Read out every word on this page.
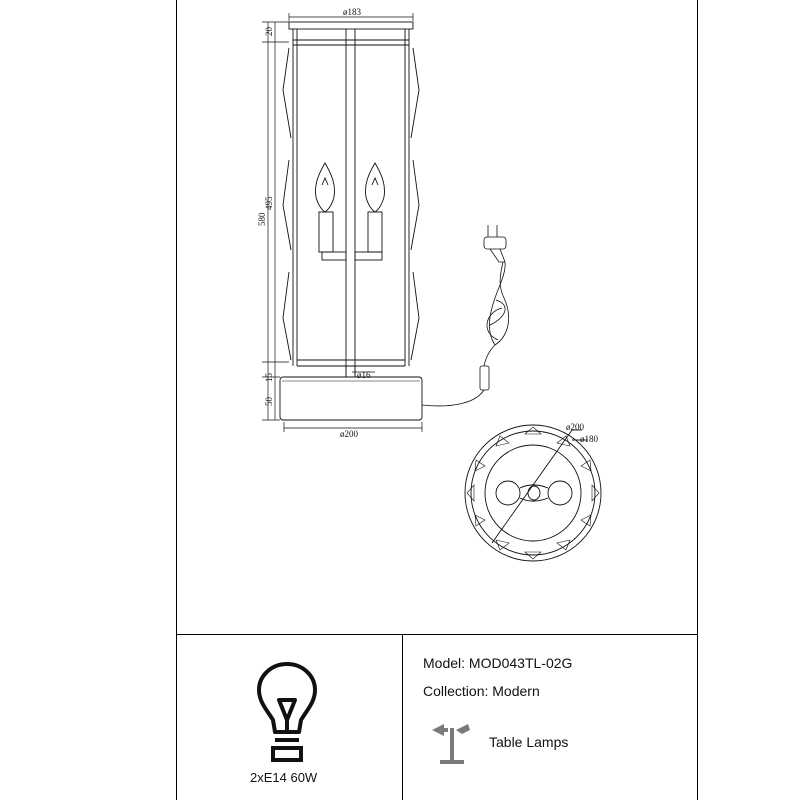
ø183
20
580
495
15
50
ø16
ø200
ø200
ø180
2xE14 60W
Model: MOD043TL-02G
Collection: Modern
Table Lamps
